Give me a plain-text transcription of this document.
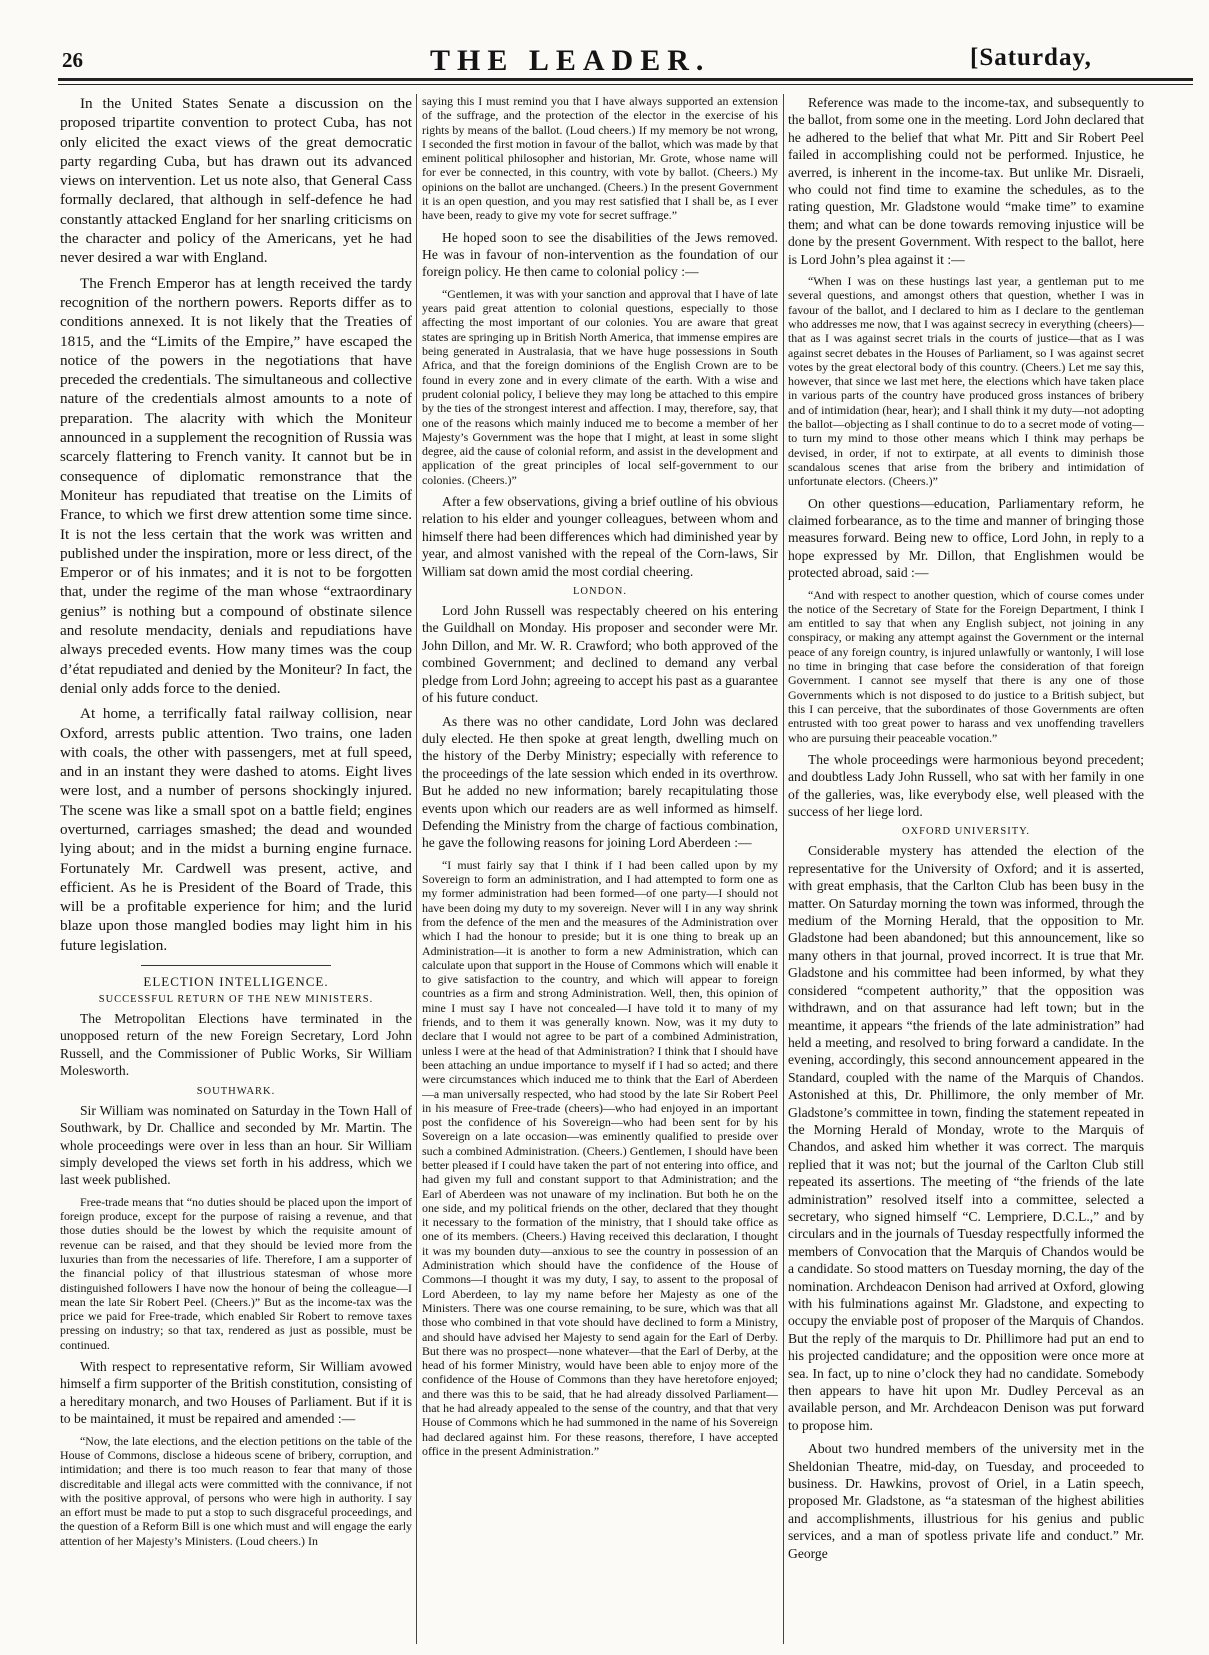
26	THE LEADER.	[Saturday,

In the United States Senate a discussion on the proposed tripartite convention to protect Cuba, has not only elicited the exact views of the great democratic party regarding Cuba, but has drawn out its advanced views on intervention. Let us note also, that General Cass formally declared, that although in self-defence he had constantly attacked England for her snarling criticisms on the character and policy of the Americans, yet he had never desired a war with England.

The French Emperor has at length received the tardy recognition of the northern powers. Reports differ as to conditions annexed. It is not likely that the Treaties of 1815, and the “Limits of the Empire,” have escaped the notice of the powers in the negotiations that have preceded the credentials. The simultaneous and collective nature of the credentials almost amounts to a note of preparation. The alacrity with which the Moniteur announced in a supplement the recognition of Russia was scarcely flattering to French vanity. It cannot but be in consequence of diplomatic remonstrance that the Moniteur has repudiated that treatise on the Limits of France, to which we first drew attention some time since. It is not the less certain that the work was written and published under the inspiration, more or less direct, of the Emperor or of his inmates; and it is not to be forgotten that, under the regime of the man whose “extraordinary genius” is nothing but a compound of obstinate silence and resolute mendacity, denials and repudiations have always preceded events. How many times was the coup d’état repudiated and denied by the Moniteur? In fact, the denial only adds force to the denied.

At home, a terrifically fatal railway collision, near Oxford, arrests public attention. Two trains, one laden with coals, the other with passengers, met at full speed, and in an instant they were dashed to atoms. Eight lives were lost, and a number of persons shockingly injured. The scene was like a small spot on a battle field; engines overturned, carriages smashed; the dead and wounded lying about; and in the midst a burning engine furnace. Fortunately Mr. Cardwell was present, active, and efficient. As he is President of the Board of Trade, this will be a profitable experience for him; and the lurid blaze upon those mangled bodies may light him in his future legislation.

ELECTION INTELLIGENCE.
SUCCESSFUL RETURN OF THE NEW MINISTERS.

The Metropolitan Elections have terminated in the unopposed return of the new Foreign Secretary, Lord John Russell, and the Commissioner of Public Works, Sir William Molesworth.

SOUTHWARK.

Sir William was nominated on Saturday in the Town Hall of Southwark, by Dr. Challice and seconded by Mr. Martin. The whole proceedings were over in less than an hour. Sir William simply developed the views set forth in his address, which we last week published.

Free-trade means that “no duties should be placed upon the import of foreign produce, except for the purpose of raising a revenue, and that those duties should be the lowest by which the requisite amount of revenue can be raised, and that they should be levied more from the luxuries than from the necessaries of life. Therefore, I am a supporter of the financial policy of that illustrious statesman of whose more distinguished followers I have now the honour of being the colleague—I mean the late Sir Robert Peel. (Cheers.)” But as the income-tax was the price we paid for Free-trade, which enabled Sir Robert to remove taxes pressing on industry; so that tax, rendered as just as possible, must be continued.

With respect to representative reform, Sir William avowed himself a firm supporter of the British constitution, consisting of a hereditary monarch, and two Houses of Parliament. But if it is to be maintained, it must be repaired and amended :—

“Now, the late elections, and the election petitions on the table of the House of Commons, disclose a hideous scene of bribery, corruption, and intimidation; and there is too much reason to fear that many of those discreditable and illegal acts were committed with the connivance, if not with the positive approval, of persons who were high in authority. I say an effort must be made to put a stop to such disgraceful proceedings, and the question of a Reform Bill is one which must and will engage the early attention of her Majesty’s Ministers. (Loud cheers.) In

saying this I must remind you that I have always supported an extension of the suffrage, and the protection of the elector in the exercise of his rights by means of the ballot. (Loud cheers.) If my memory be not wrong, I seconded the first motion in favour of the ballot, which was made by that eminent political philosopher and historian, Mr. Grote, whose name will for ever be connected, in this country, with vote by ballot. (Cheers.) My opinions on the ballot are unchanged. (Cheers.) In the present Government it is an open question, and you may rest satisfied that I shall be, as I ever have been, ready to give my vote for secret suffrage.”

He hoped soon to see the disabilities of the Jews removed. He was in favour of non-intervention as the foundation of our foreign policy. He then came to colonial policy :—

“Gentlemen, it was with your sanction and approval that I have of late years paid great attention to colonial questions, especially to those affecting the most important of our colonies. You are aware that great states are springing up in British North America, that immense empires are being generated in Australasia, that we have huge possessions in South Africa, and that the foreign dominions of the English Crown are to be found in every zone and in every climate of the earth. With a wise and prudent colonial policy, I believe they may long be attached to this empire by the ties of the strongest interest and affection. I may, therefore, say, that one of the reasons which mainly induced me to become a member of her Majesty’s Government was the hope that I might, at least in some slight degree, aid the cause of colonial reform, and assist in the development and application of the great principles of local self-government to our colonies. (Cheers.)”

After a few observations, giving a brief outline of his obvious relation to his elder and younger colleagues, between whom and himself there had been differences which had diminished year by year, and almost vanished with the repeal of the Corn-laws, Sir William sat down amid the most cordial cheering.

LONDON.

Lord John Russell was respectably cheered on his entering the Guildhall on Monday. His proposer and seconder were Mr. John Dillon, and Mr. W. R. Crawford; who both approved of the combined Government; and declined to demand any verbal pledge from Lord John; agreeing to accept his past as a guarantee of his future conduct.

As there was no other candidate, Lord John was declared duly elected. He then spoke at great length, dwelling much on the history of the Derby Ministry; especially with reference to the proceedings of the late session which ended in its overthrow. But he added no new information; barely recapitulating those events upon which our readers are as well informed as himself. Defending the Ministry from the charge of factious combination, he gave the following reasons for joining Lord Aberdeen :—

“I must fairly say that I think if I had been called upon by my Sovereign to form an administration, and I had attempted to form one as my former administration had been formed—of one party—I should not have been doing my duty to my sovereign. Never will I in any way shrink from the defence of the men and the measures of the Administration over which I had the honour to preside; but it is one thing to break up an Administration—it is another to form a new Administration, which can calculate upon that support in the House of Commons which will enable it to give satisfaction to the country, and which will appear to foreign countries as a firm and strong Administration. Well, then, this opinion of mine I must say I have not concealed—I have told it to many of my friends, and to them it was generally known. Now, was it my duty to declare that I would not agree to be part of a combined Administration, unless I were at the head of that Administration? I think that I should have been attaching an undue importance to myself if I had so acted; and there were circumstances which induced me to think that the Earl of Aberdeen—a man universally respected, who had stood by the late Sir Robert Peel in his measure of Free-trade (cheers)—who had enjoyed in an important post the confidence of his Sovereign—who had been sent for by his Sovereign on a late occasion—was eminently qualified to preside over such a combined Administration. (Cheers.) Gentlemen, I should have been better pleased if I could have taken the part of not entering into office, and had given my full and constant support to that Administration; and the Earl of Aberdeen was not unaware of my inclination. But both he on the one side, and my political friends on the other, declared that they thought it necessary to the formation of the ministry, that I should take office as one of its members. (Cheers.) Having received this declaration, I thought it was my bounden duty—anxious to see the country in possession of an Administration which should have the confidence of the House of Commons—I thought it was my duty, I say, to assent to the proposal of Lord Aberdeen, to lay my name before her Majesty as one of the Ministers. There was one course remaining, to be sure, which was that all those who combined in that vote should have declined to form a Ministry, and should have advised her Majesty to send again for the Earl of Derby. But there was no prospect—none whatever—that the Earl of Derby, at the head of his former Ministry, would have been able to enjoy more of the confidence of the House of Commons than they have heretofore enjoyed; and there was this to be said, that he had already dissolved Parliament—that he had already appealed to the sense of the country, and that that very House of Commons which he had summoned in the name of his Sovereign had declared against him. For these reasons, therefore, I have accepted office in the present Administration.”

Reference was made to the income-tax, and subsequently to the ballot, from some one in the meeting. Lord John declared that he adhered to the belief that what Mr. Pitt and Sir Robert Peel failed in accomplishing could not be performed. Injustice, he averred, is inherent in the income-tax. But unlike Mr. Disraeli, who could not find time to examine the schedules, as to the rating question, Mr. Gladstone would “make time” to examine them; and what can be done towards removing injustice will be done by the present Government. With respect to the ballot, here is Lord John’s plea against it :—

“When I was on these hustings last year, a gentleman put to me several questions, and amongst others that question, whether I was in favour of the ballot, and I declared to him as I declare to the gentleman who addresses me now, that I was against secrecy in everything (cheers)—that as I was against secret trials in the courts of justice—that as I was against secret debates in the Houses of Parliament, so I was against secret votes by the great electoral body of this country. (Cheers.) Let me say this, however, that since we last met here, the elections which have taken place in various parts of the country have produced gross instances of bribery and of intimidation (hear, hear); and I shall think it my duty—not adopting the ballot—objecting as I shall continue to do to a secret mode of voting—to turn my mind to those other means which I think may perhaps be devised, in order, if not to extirpate, at all events to diminish those scandalous scenes that arise from the bribery and intimidation of unfortunate electors. (Cheers.)”

On other questions—education, Parliamentary reform, he claimed forbearance, as to the time and manner of bringing those measures forward. Being new to office, Lord John, in reply to a hope expressed by Mr. Dillon, that Englishmen would be protected abroad, said :—

“And with respect to another question, which of course comes under the notice of the Secretary of State for the Foreign Department, I think I am entitled to say that when any English subject, not joining in any conspiracy, or making any attempt against the Government or the internal peace of any foreign country, is injured unlawfully or wantonly, I will lose no time in bringing that case before the consideration of that foreign Government. I cannot see myself that there is any one of those Governments which is not disposed to do justice to a British subject, but this I can perceive, that the subordinates of those Governments are often entrusted with too great power to harass and vex unoffending travellers who are pursuing their peaceable vocation.”

The whole proceedings were harmonious beyond precedent; and doubtless Lady John Russell, who sat with her family in one of the galleries, was, like everybody else, well pleased with the success of her liege lord.

OXFORD UNIVERSITY.

Considerable mystery has attended the election of the representative for the University of Oxford; and it is asserted, with great emphasis, that the Carlton Club has been busy in the matter. On Saturday morning the town was informed, through the medium of the Morning Herald, that the opposition to Mr. Gladstone had been abandoned; but this announcement, like so many others in that journal, proved incorrect. It is true that Mr. Gladstone and his committee had been informed, by what they considered “competent authority,” that the opposition was withdrawn, and on that assurance had left town; but in the meantime, it appears “the friends of the late administration” had held a meeting, and resolved to bring forward a candidate. In the evening, accordingly, this second announcement appeared in the Standard, coupled with the name of the Marquis of Chandos. Astonished at this, Dr. Phillimore, the only member of Mr. Gladstone’s committee in town, finding the statement repeated in the Morning Herald of Monday, wrote to the Marquis of Chandos, and asked him whether it was correct. The marquis replied that it was not; but the journal of the Carlton Club still repeated its assertions. The meeting of “the friends of the late administration” resolved itself into a committee, selected a secretary, who signed himself “C. Lempriere, D.C.L.,” and by circulars and in the journals of Tuesday respectfully informed the members of Convocation that the Marquis of Chandos would be a candidate. So stood matters on Tuesday morning, the day of the nomination. Archdeacon Denison had arrived at Oxford, glowing with his fulminations against Mr. Gladstone, and expecting to occupy the enviable post of proposer of the Marquis of Chandos. But the reply of the marquis to Dr. Phillimore had put an end to his projected candidature; and the opposition were once more at sea. In fact, up to nine o’clock they had no candidate. Somebody then appears to have hit upon Mr. Dudley Perceval as an available person, and Mr. Archdeacon Denison was put forward to propose him.

About two hundred members of the university met in the Sheldonian Theatre, mid-day, on Tuesday, and proceeded to business. Dr. Hawkins, provost of Oriel, in a Latin speech, proposed Mr. Gladstone, as “a statesman of the highest abilities and accomplishments, illustrious for his genius and public services, and a man of spotless private life and conduct.” Mr. George
